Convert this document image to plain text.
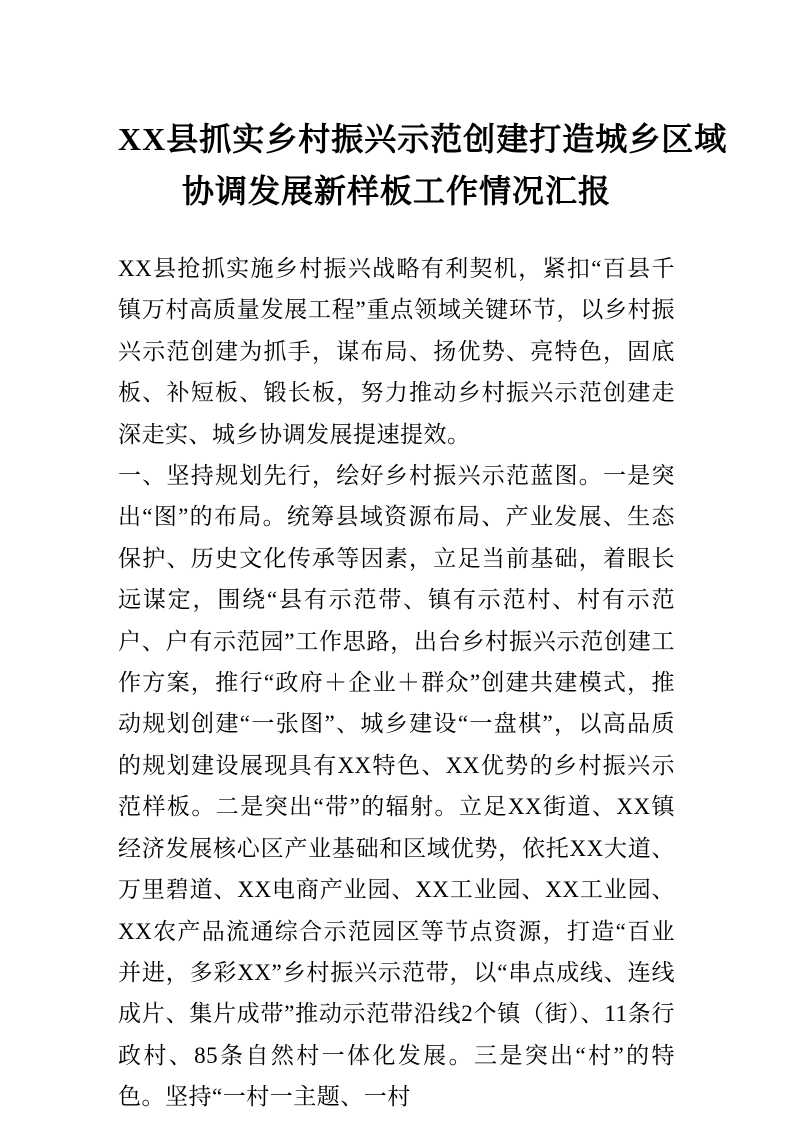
XX县抓实乡村振兴示范创建打造城乡区域
协调发展新样板工作情况汇报

XX县抢抓实施乡村振兴战略有利契机，紧扣“百县千镇万村高质量发展工程”重点领域关键环节，以乡村振兴示范创建为抓手，谋布局、扬优势、亮特色，固底板、补短板、锻长板，努力推动乡村振兴示范创建走深走实、城乡协调发展提速提效。

一、坚持规划先行，绘好乡村振兴示范蓝图。一是突出“图”的布局。统筹县域资源布局、产业发展、生态保护、历史文化传承等因素，立足当前基础，着眼长远谋定，围绕“县有示范带、镇有示范村、村有示范户、户有示范园”工作思路，出台乡村振兴示范创建工作方案，推行“政府＋企业＋群众”创建共建模式，推动规划创建“一张图”、城乡建设“一盘棋”，以高品质的规划建设展现具有XX特色、XX优势的乡村振兴示范样板。二是突出“带”的辐射。立足XX街道、XX镇经济发展核心区产业基础和区域优势，依托XX大道、万里碧道、XX电商产业园、XX工业园、XX工业园、XX农产品流通综合示范园区等节点资源，打造“百业并进，多彩XX”乡村振兴示范带，以“串点成线、连线成片、集片成带”推动示范带沿线2个镇（街）、11条行政村、85条自然村一体化发展。三是突出“村”的特色。坚持“一村一主题、一村
